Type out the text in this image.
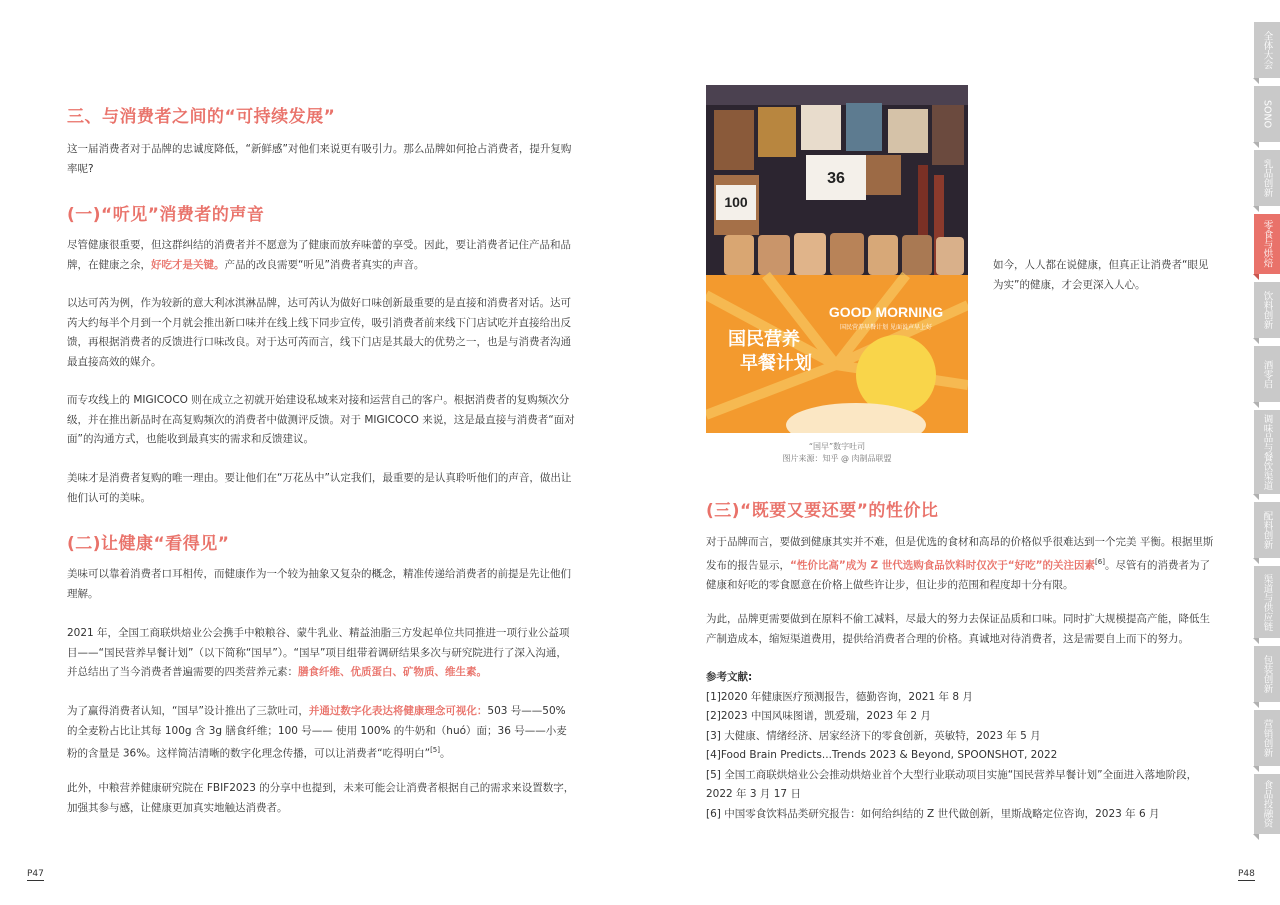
三、与消费者之间的“可持续发展”
这一届消费者对于品牌的忠诚度降低，“新鲜感”对他们来说更有吸引力。那么品牌如何抢占消费者，提升复购率呢?
(一)“听见”消费者的声音
尽管健康很重要，但这群纠结的消费者并不愿意为了健康而放弃味蕾的享受。因此，要让消费者记住产品和品牌，在健康之余，好吃才是关键。产品的改良需要“听见”消费者真实的声音。
以达可芮为例，作为较新的意大利冰淇淋品牌，达可芮认为做好口味创新最重要的是直接和消费者对话。达可芮大约每半个月到一个月就会推出新口味并在线上线下同步宣传，吸引消费者前来线下门店试吃并直接给出反馈，再根据消费者的反馈进行口味改良。对于达可芮而言，线下门店是其最大的优势之一，也是与消费者沟通最直接高效的媒介。
而专攻线上的 MIGICOCO 则在成立之初就开始建设私域来对接和运营自己的客户。根据消费者的复购频次分级，并在推出新品时在高复购频次的消费者中做测评反馈。对于 MIGICOCO 来说，这是最直接与消费者“面对面”的沟通方式，也能收到最真实的需求和反馈建议。
美味才是消费者复购的唯一理由。要让他们在“万花丛中”认定我们，最重要的是认真聆听他们的声音，做出让他们认可的美味。
(二)让健康“看得见”
美味可以靠着消费者口耳相传，而健康作为一个较为抽象又复杂的概念，精准传递给消费者的前提是先让他们理解。
2021 年，全国工商联烘焙业公会携手中粮粮谷、蒙牛乳业、精益油脂三方发起单位共同推进一项行业公益项目——“国民营养早餐计划”（以下简称“国早”）。“国早”项目组带着调研结果多次与研究院进行了深入沟通，并总结出了当今消费者普遍需要的四类营养元素：膳食纤维、优质蛋白、矿物质、维生素。
为了赢得消费者认知，“国早”设计推出了三款吐司，并通过数字化表达将健康理念可视化：503 号——50% 的全麦粉占比让其每 100g 含 3g 膳食纤维；100 号—— 使用 100% 的牛奶和（huó）面；36 号——小麦粉的含量是 36%。这样简洁清晰的数字化理念传播，可以让消费者“吃得明白”[5]。
此外，中粮营养健康研究院在 FBIF2023 的分享中也提到，未来可能会让消费者根据自己的需求来设置数字，加强其参与感，让健康更加真实地触达消费者。
P47
100
36
GOOD MORNING
国民营养早餐计划 见面说声早上好
国民营养
早餐计划
“国早”数字吐司
图片来源：知乎 @ 肉制品联盟
如今，人人都在说健康，但真正让消费者“眼见为实”的健康，才会更深入人心。
(三)“既要又要还要”的性价比
对于品牌而言，要做到健康其实并不难，但是优选的食材和高昂的价格似乎很难达到一个完美 平衡。根据里斯发布的报告显示，“性价比高”成为 Z 世代选购食品饮料时仅次于“好吃”的关注因素[6]。尽管有的消费者为了健康和好吃的零食愿意在价格上做些许让步，但让步的范围和程度却十分有限。
为此，品牌更需要做到在原料不偷工减料，尽最大的努力去保证品质和口味。同时扩大规模提高产能，降低生产制造成本，缩短渠道费用，提供给消费者合理的价格。真诚地对待消费者，这是需要自上而下的努力。
参考文献:
[1]2020 年健康医疗预测报告，德勤咨询，2021 年 8 月
[2]2023 中国风味图谱，凯爱瑞，2023 年 2 月
[3] 大健康、情绪经济、居家经济下的零食创新，英敏特，2023 年 5 月
[4]Food Brain Predicts...Trends 2023 & Beyond, SPOONSHOT, 2022
[5] 全国工商联烘焙业公会推动烘焙业首个大型行业联动项目实施“国民营养早餐计划”全面进入落地阶段，2022 年 3 月 17 日
[6] 中国零食饮料品类研究报告：如何给纠结的 Z 世代做创新，里斯战略定位咨询，2023 年 6 月
P48
全体大会
SONO
乳品创新
零食与烘焙
饮料创新
酒零启
调味品与餐饮渠道
配料创新
渠道与供应链
包装创新
营销创新
食品投融资
